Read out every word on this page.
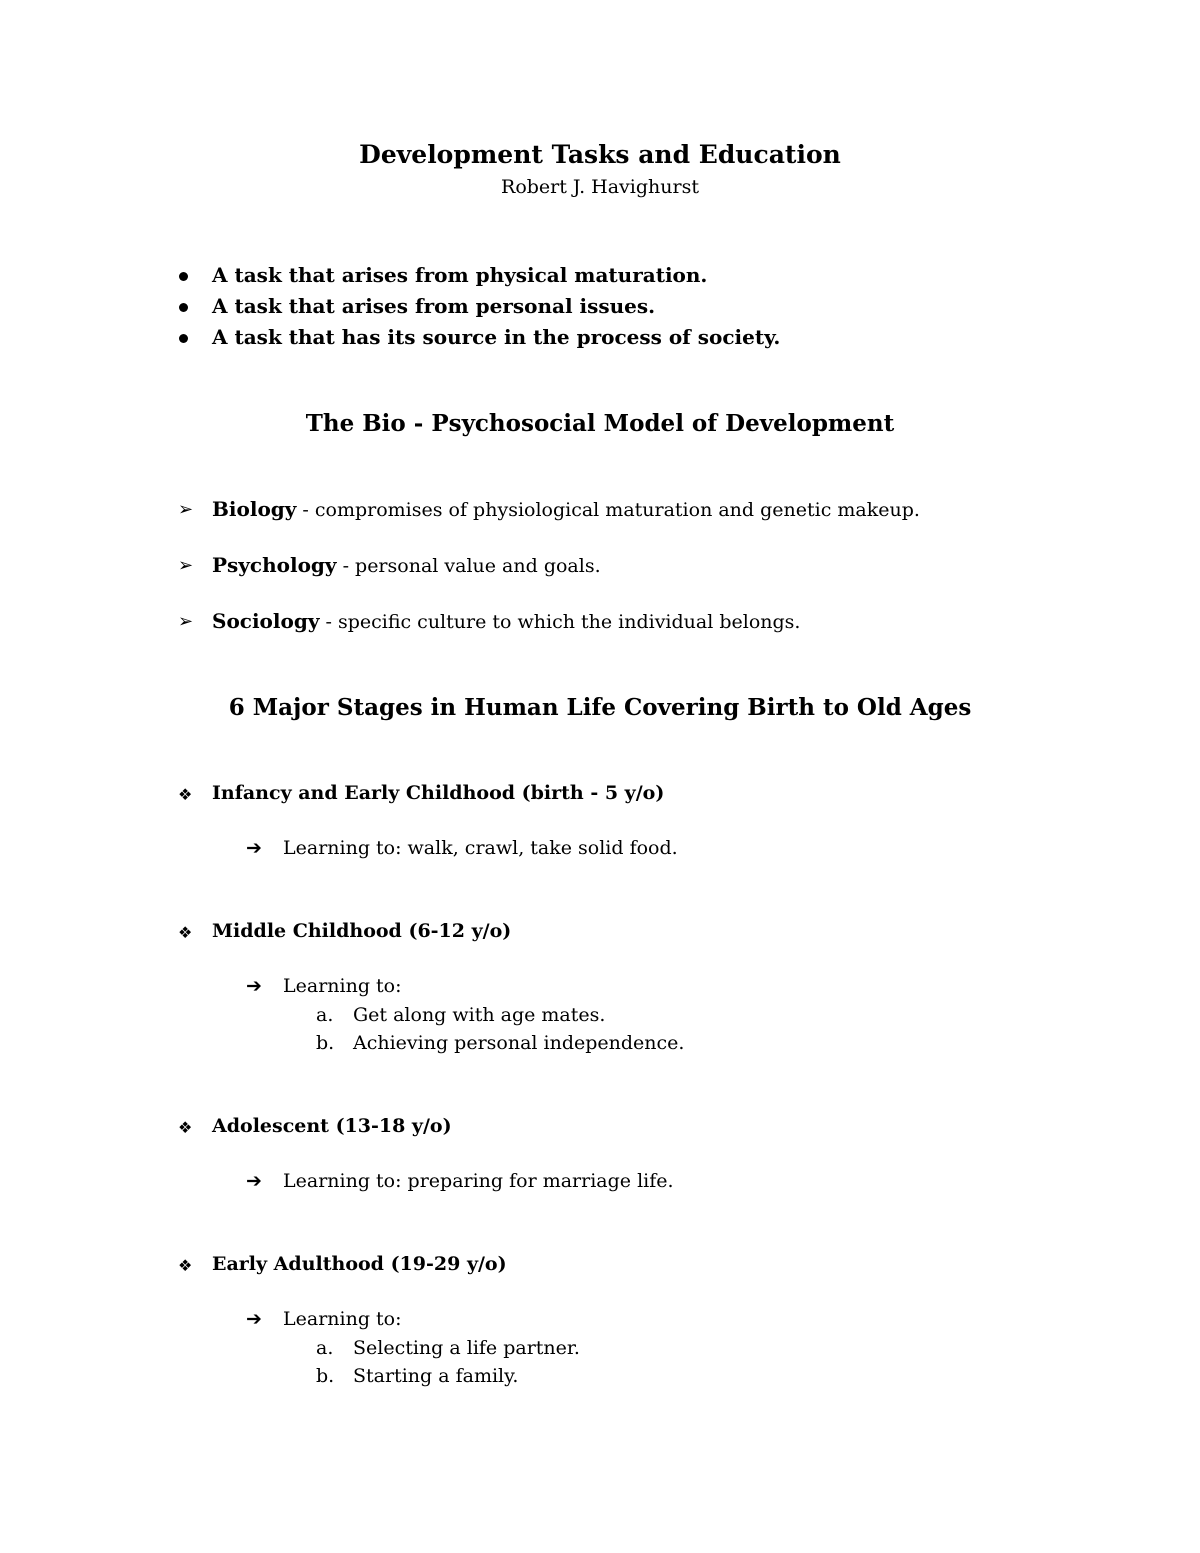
Development Tasks and Education
Robert J. Havighurst
A task that arises from physical maturation.
A task that arises from personal issues.
A task that has its source in the process of society.
The Bio - Psychosocial Model of Development
➢ Biology - compromises of physiological maturation and genetic makeup.
➢ Psychology - personal value and goals.
➢ Sociology - specific culture to which the individual belongs.
6 Major Stages in Human Life Covering Birth to Old Ages
❖ Infancy and Early Childhood (birth - 5 y/o)
➔ Learning to: walk, crawl, take solid food.
❖ Middle Childhood (6-12 y/o)
➔ Learning to:
a. Get along with age mates.
b. Achieving personal independence.
❖ Adolescent (13-18 y/o)
➔ Learning to: preparing for marriage life.
❖ Early Adulthood (19-29 y/o)
➔ Learning to:
a. Selecting a life partner.
b. Starting a family.
